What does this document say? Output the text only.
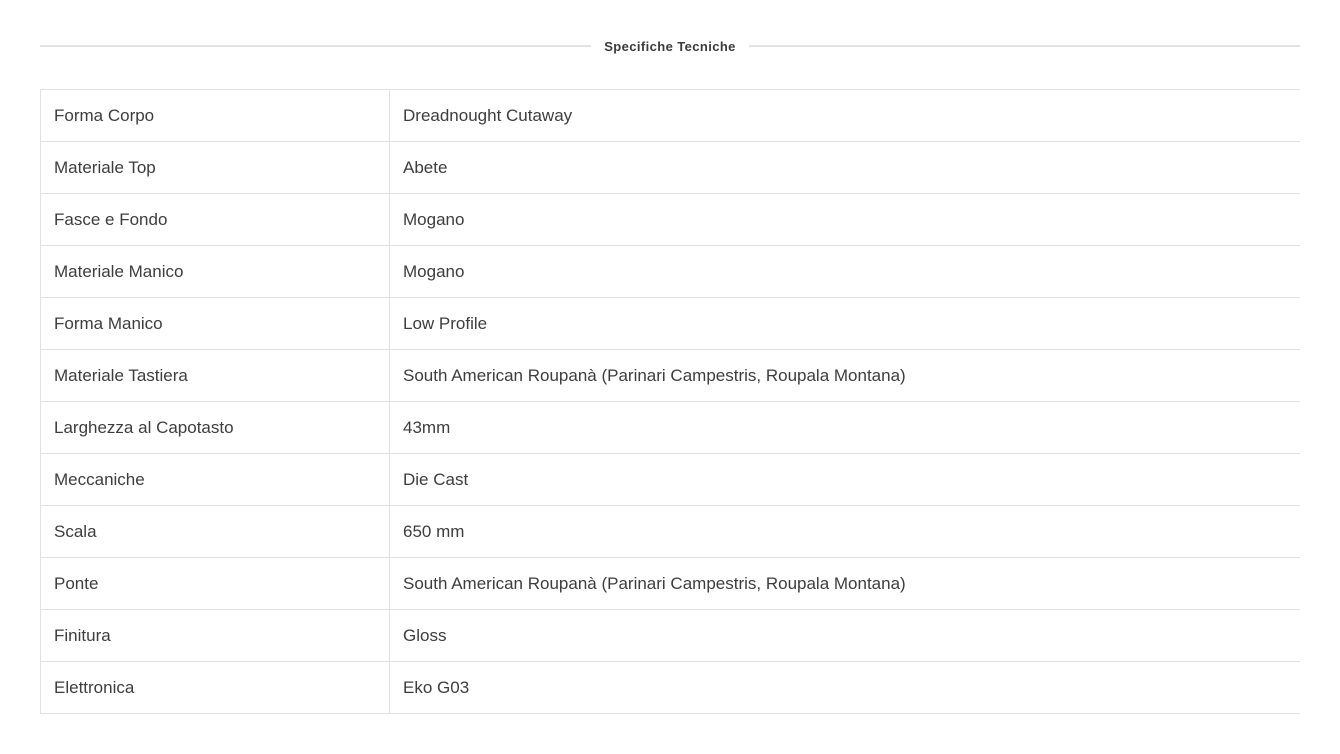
Specifiche Tecniche
Forma Corpo	Dreadnought Cutaway
Materiale Top	Abete
Fasce e Fondo	Mogano
Materiale Manico	Mogano
Forma Manico	Low Profile
Materiale Tastiera	South American Roupanà (Parinari Campestris, Roupala Montana)
Larghezza al Capotasto	43mm
Meccaniche	Die Cast
Scala	650 mm
Ponte	South American Roupanà (Parinari Campestris, Roupala Montana)
Finitura	Gloss
Elettronica	Eko G03
